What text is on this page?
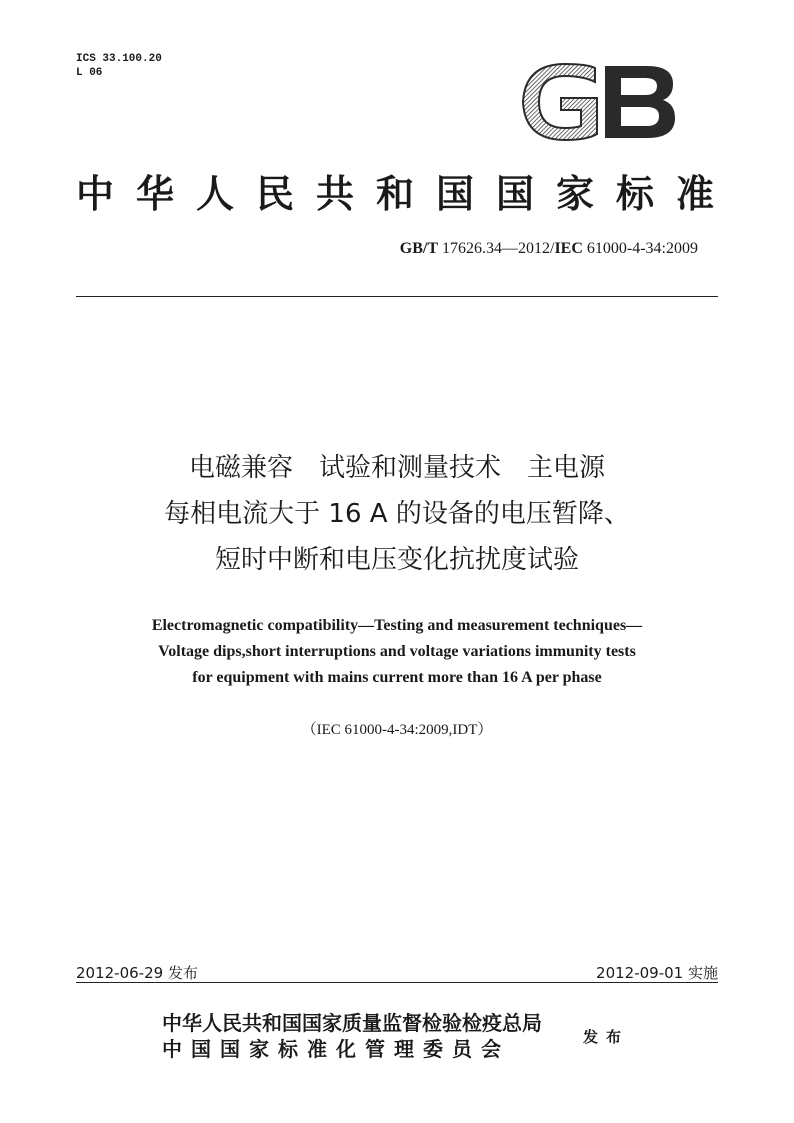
ICS 33.100.20
L 06
中华人民共和国国家标准
GB/T 17626.34—2012/IEC 61000-4-34:2009
电磁兼容　试验和测量技术　主电源
每相电流大于 16 A 的设备的电压暂降、
短时中断和电压变化抗扰度试验
Electromagnetic compatibility—Testing and measurement techniques—
Voltage dips,short interruptions and voltage variations immunity tests
for equipment with mains current more than 16 A per phase
（IEC 61000-4-34:2009,IDT）
2012-06-29 发布	2012-09-01 实施
中华人民共和国国家质量监督检验检疫总局
中国国家标准化管理委员会	发布
